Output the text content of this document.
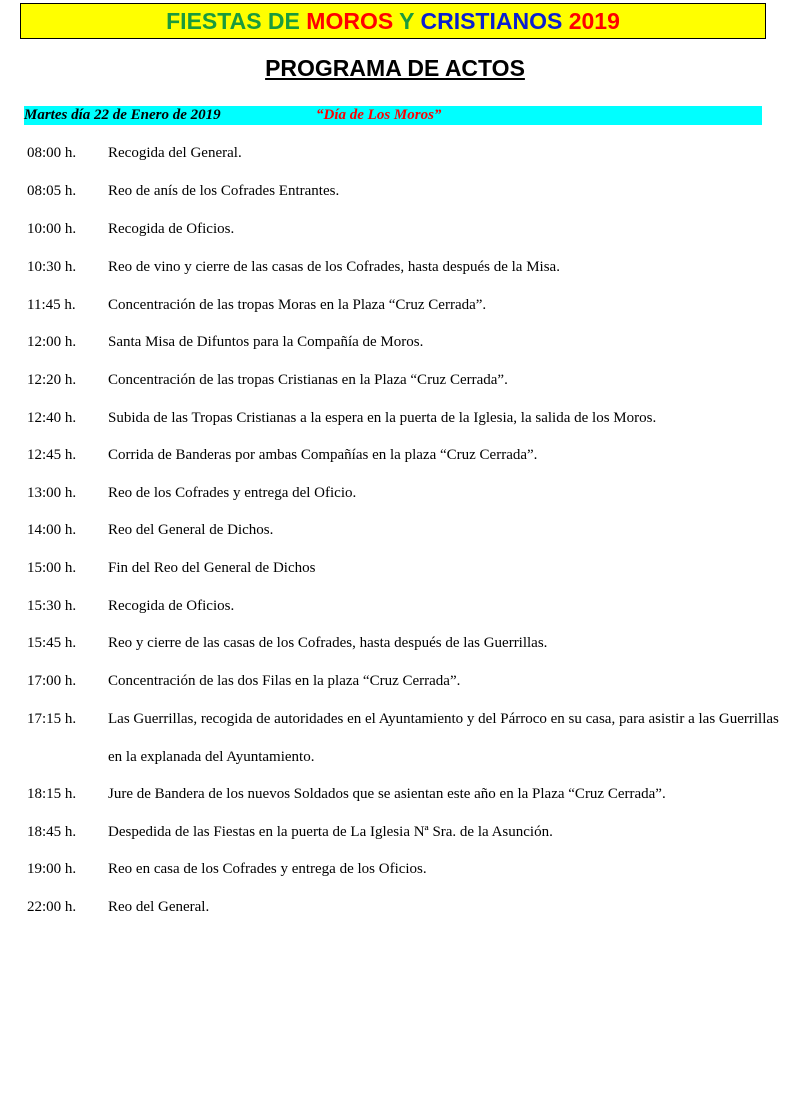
FIESTAS DE MOROS Y CRISTIANOS 2019
PROGRAMA DE ACTOS
Martes día 22 de Enero de 2019	“Día de Los Moros”
08:00 h.	Recogida del General.
08:05 h.	Reo de anís de los Cofrades Entrantes.
10:00 h.	Recogida de Oficios.
10:30 h.	Reo de vino y cierre de las casas de los Cofrades, hasta después de la Misa.
11:45 h.	Concentración de las tropas Moras en la Plaza “Cruz Cerrada”.
12:00 h.	Santa Misa de Difuntos para la Compañía de Moros.
12:20 h.	Concentración de las tropas Cristianas en la Plaza “Cruz Cerrada”.
12:40 h.	Subida de las Tropas Cristianas a la espera en la puerta de la Iglesia, la salida de los Moros.
12:45 h.	Corrida de Banderas por ambas Compañías en la plaza “Cruz Cerrada”.
13:00 h.	Reo de los Cofrades y entrega del Oficio.
14:00 h.	Reo del General de Dichos.
15:00 h.	Fin del Reo del General de Dichos
15:30 h.	Recogida de Oficios.
15:45 h.	Reo y cierre de las casas de los Cofrades, hasta después de las Guerrillas.
17:00 h.	Concentración de las dos Filas en la plaza “Cruz Cerrada”.
17:15 h.	Las Guerrillas, recogida de autoridades en el Ayuntamiento y del Párroco en su casa, para asistir a las Guerrillas en la explanada del Ayuntamiento.
18:15 h.	Jure de Bandera de los nuevos Soldados que se asientan este año en la Plaza “Cruz Cerrada”.
18:45 h.	Despedida de las Fiestas en la puerta de La Iglesia Nª Sra. de la Asunción.
19:00 h.	Reo en casa de los Cofrades y entrega de los Oficios.
22:00 h.	Reo del General.
